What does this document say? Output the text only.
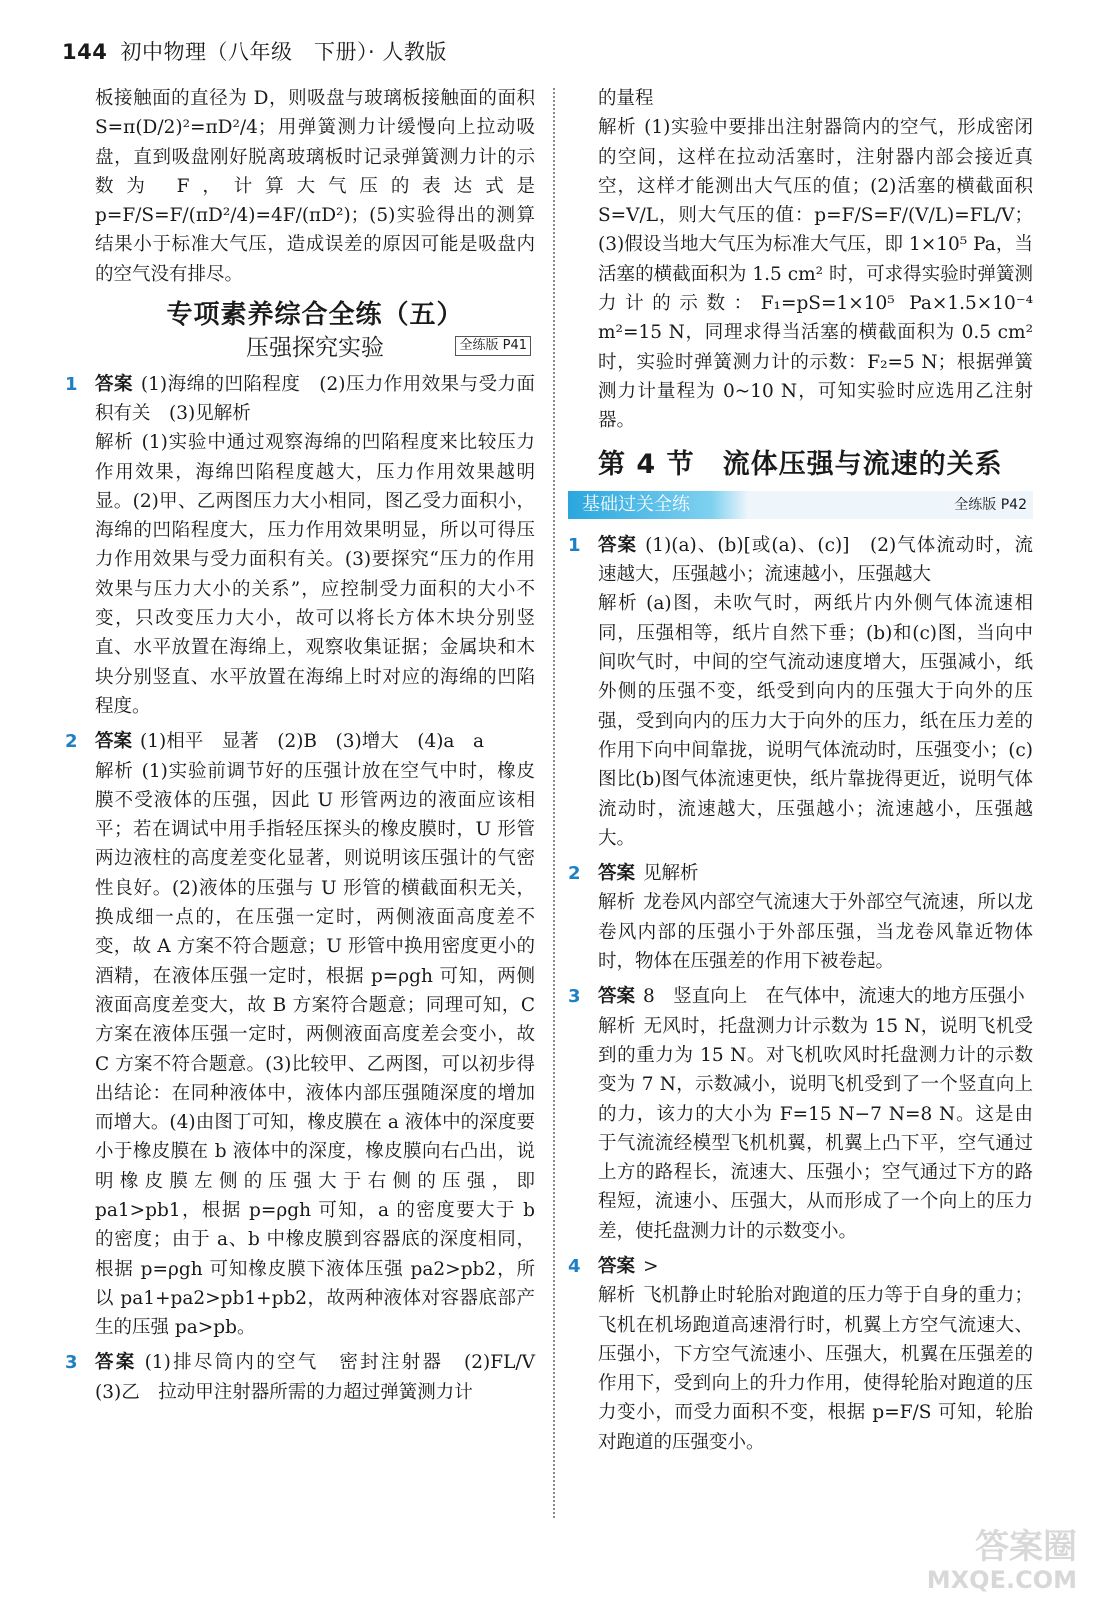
144 初中物理（八年级　下册）· 人教版

板接触面的直径为 D，则吸盘与玻璃板接触面的面积 S=π(D/2)²=πD²/4；用弹簧测力计缓慢向上拉动吸盘，直到吸盘刚好脱离玻璃板时记录弹簧测力计的示数为 F，计算大气压的表达式是 p=F/S=F/(πD²/4)=4F/(πD²)；(5)实验得出的测算结果小于标准大气压，造成误差的原因可能是吸盘内的空气没有排尽。

专项素养综合全练（五）
压强探究实验	全练版 P41
1 答案 (1)海绵的凹陷程度　(2)压力作用效果与受力面积有关　(3)见解析

解析 (1)实验中通过观察海绵的凹陷程度来比较压力作用效果，海绵凹陷程度越大，压力作用效果越明显。(2)甲、乙两图压力大小相同，图乙受力面积小，海绵的凹陷程度大，压力作用效果明显，所以可得压力作用效果与受力面积有关。(3)要探究“压力的作用效果与压力大小的关系”，应控制受力面积的大小不变，只改变压力大小，故可以将长方体木块分别竖直、水平放置在海绵上，观察收集证据；金属块和木块分别竖直、水平放置在海绵上时对应的海绵的凹陷程度。

2 答案 (1)相平　显著　(2)B　(3)增大　(4)a　a

解析 (1)实验前调节好的压强计放在空气中时，橡皮膜不受液体的压强，因此 U 形管两边的液面应该相平；若在调试中用手指轻压探头的橡皮膜时，U 形管两边液柱的高度差变化显著，则说明该压强计的气密性良好。(2)液体的压强与 U 形管的横截面积无关，换成细一点的，在压强一定时，两侧液面高度差不变，故 A 方案不符合题意；U 形管中换用密度更小的酒精，在液体压强一定时，根据 p=ρgh 可知，两侧液面高度差变大，故 B 方案符合题意；同理可知，C 方案在液体压强一定时，两侧液面高度差会变小，故 C 方案不符合题意。(3)比较甲、乙两图，可以初步得出结论：在同种液体中，液体内部压强随深度的增加而增大。(4)由图丁可知，橡皮膜在 a 液体中的深度要小于橡皮膜在 b 液体中的深度，橡皮膜向右凸出，说明橡皮膜左侧的压强大于右侧的压强，即 pa1>pb1，根据 p=ρgh 可知，a 的密度要大于 b 的密度；由于 a、b 中橡皮膜到容器底的深度相同，根据 p=ρgh 可知橡皮膜下液体压强 pa2>pb2，所以 pa1+pa2>pb1+pb2，故两种液体对容器底部产生的压强 pa>pb。

3 答案 (1)排尽筒内的空气　密封注射器　(2)FL/V　(3)乙　拉动甲注射器所需的力超过弹簧测力计

的量程

解析 (1)实验中要排出注射器筒内的空气，形成密闭的空间，这样在拉动活塞时，注射器内部会接近真空，这样才能测出大气压的值；(2)活塞的横截面积 S=V/L，则大气压的值：p=F/S=F/(V/L)=FL/V；(3)假设当地大气压为标准大气压，即 1×10⁵ Pa，当活塞的横截面积为 1.5 cm² 时，可求得实验时弹簧测力计的示数：F₁=pS=1×10⁵ Pa×1.5×10⁻⁴ m²=15 N，同理求得当活塞的横截面积为 0.5 cm² 时，实验时弹簧测力计的示数：F₂=5 N；根据弹簧测力计量程为 0~10 N，可知实验时应选用乙注射器。

第 4 节　流体压强与流速的关系
基础过关全练	全练版 P42
1 答案 (1)(a)、(b)[或(a)、(c)]　(2)气体流动时，流速越大，压强越小；流速越小，压强越大

解析 (a)图，未吹气时，两纸片内外侧气体流速相同，压强相等，纸片自然下垂；(b)和(c)图，当向中间吹气时，中间的空气流动速度增大，压强减小，纸外侧的压强不变，纸受到向内的压强大于向外的压强，受到向内的压力大于向外的压力，纸在压力差的作用下向中间靠拢，说明气体流动时，压强变小；(c)图比(b)图气体流速更快，纸片靠拢得更近，说明气体流动时，流速越大，压强越小；流速越小，压强越大。

2 答案 见解析

解析 龙卷风内部空气流速大于外部空气流速，所以龙卷风内部的压强小于外部压强，当龙卷风靠近物体时，物体在压强差的作用下被卷起。

3 答案 8　竖直向上　在气体中，流速大的地方压强小

解析 无风时，托盘测力计示数为 15 N，说明飞机受到的重力为 15 N。对飞机吹风时托盘测力计的示数变为 7 N，示数减小，说明飞机受到了一个竖直向上的力，该力的大小为 F=15 N−7 N=8 N。这是由于气流流经模型飞机机翼，机翼上凸下平，空气通过上方的路程长，流速大、压强小；空气通过下方的路程短，流速小、压强大，从而形成了一个向上的压力差，使托盘测力计的示数变小。

4 答案 >

解析 飞机静止时轮胎对跑道的压力等于自身的重力；飞机在机场跑道高速滑行时，机翼上方空气流速大、压强小，下方空气流速小、压强大，机翼在压强差的作用下，受到向上的升力作用，使得轮胎对跑道的压力变小，而受力面积不变，根据 p=F/S 可知，轮胎对跑道的压强变小。

答案圈
MXQE.COM
